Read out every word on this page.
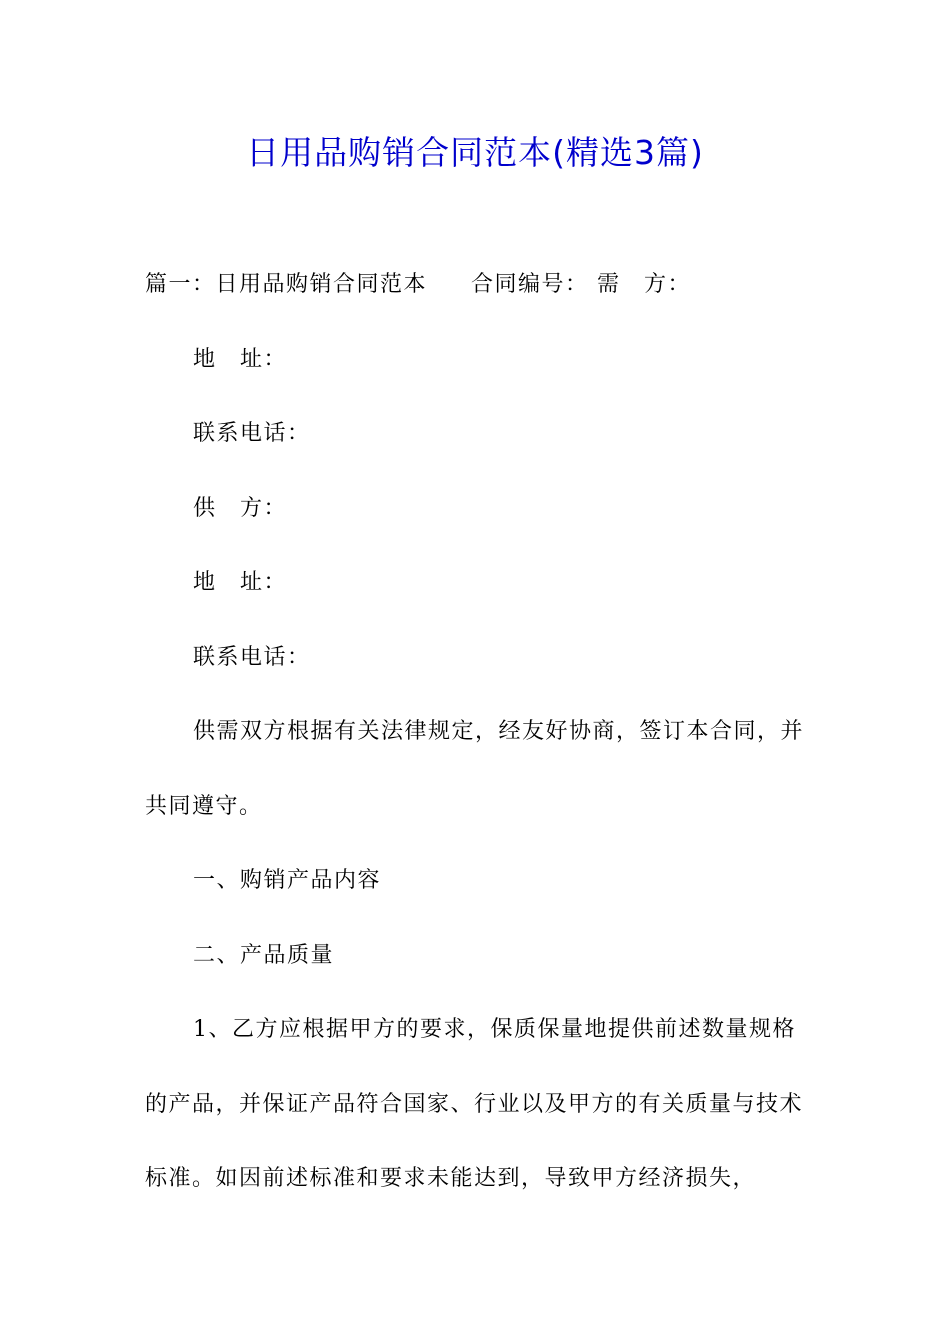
日用品购销合同范本(精选3篇)

篇一：日用品购销合同范本 合同编号： 需　方：

地　址：

联系电话：

供　方：

地　址：

联系电话：

供需双方根据有关法律规定，经友好协商，签订本合同，并共同遵守。

一、购销产品内容

二、产品质量

1、乙方应根据甲方的要求，保质保量地提供前述数量规格的产品，并保证产品符合国家、行业以及甲方的有关质量与技术标准。如因前述标准和要求未能达到，导致甲方经济损失，
